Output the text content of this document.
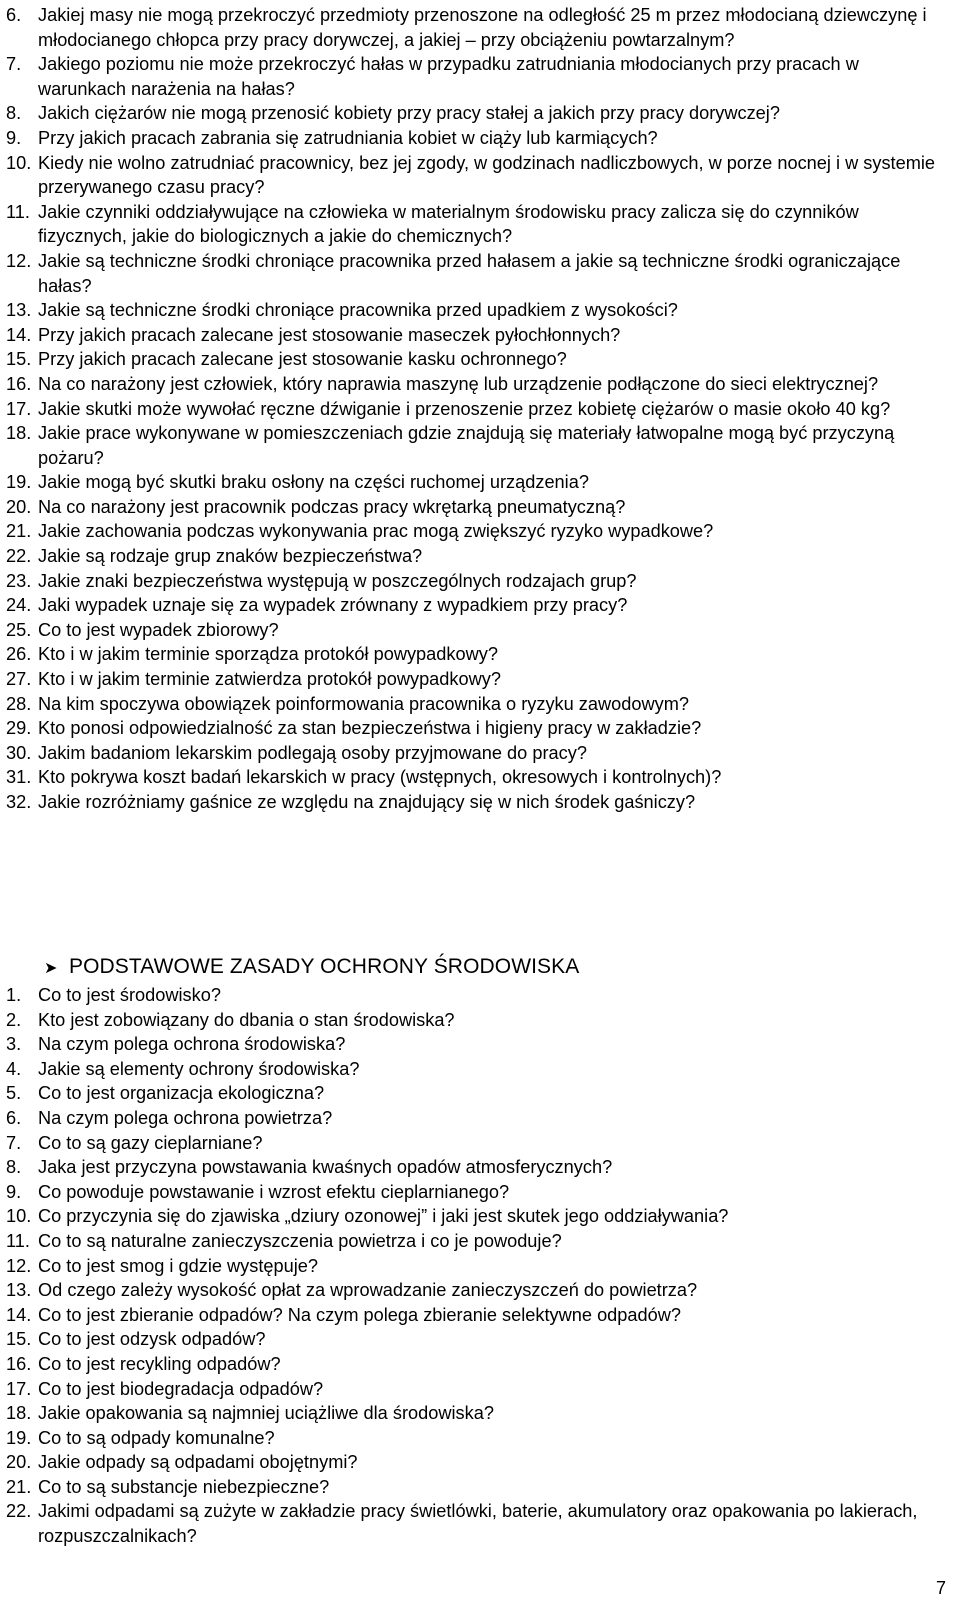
6. Jakiej masy nie mogą przekroczyć przedmioty przenoszone na odległość 25 m przez młodocianą dziewczynę i młodocianego chłopca przy pracy dorywczej, a jakiej – przy obciążeniu powtarzalnym?
7. Jakiego poziomu nie może przekroczyć hałas w przypadku zatrudniania młodocianych przy pracach w warunkach narażenia na hałas?
8. Jakich ciężarów nie mogą przenosić kobiety przy pracy stałej a jakich przy pracy dorywczej?
9. Przy jakich pracach zabrania się zatrudniania kobiet w ciąży lub karmiących?
10. Kiedy nie wolno zatrudniać pracownicy, bez jej zgody, w godzinach nadliczbowych, w porze nocnej i w systemie przerywanego czasu pracy?
11. Jakie czynniki oddziaływujące na człowieka w materialnym środowisku pracy zalicza się do czynników fizycznych, jakie do biologicznych a jakie do chemicznych?
12. Jakie są techniczne środki chroniące pracownika przed hałasem a jakie są techniczne środki ograniczające hałas?
13. Jakie są techniczne środki chroniące pracownika przed upadkiem z wysokości?
14. Przy jakich pracach zalecane jest stosowanie maseczek pyłochłonnych?
15. Przy jakich pracach zalecane jest stosowanie kasku ochronnego?
16. Na co narażony jest człowiek, który naprawia maszynę lub urządzenie podłączone do sieci elektrycznej?
17. Jakie skutki może wywołać ręczne dźwiganie i przenoszenie przez kobietę ciężarów o masie około 40 kg?
18. Jakie prace wykonywane w pomieszczeniach gdzie znajdują się materiały łatwopalne mogą być przyczyną pożaru?
19. Jakie mogą być skutki braku osłony na części ruchomej urządzenia?
20. Na co narażony jest pracownik podczas pracy wkrętarką pneumatyczną?
21. Jakie zachowania podczas wykonywania prac mogą zwiększyć ryzyko wypadkowe?
22. Jakie są rodzaje grup znaków bezpieczeństwa?
23. Jakie znaki bezpieczeństwa występują w poszczególnych rodzajach grup?
24. Jaki wypadek uznaje się za wypadek zrównany z wypadkiem przy pracy?
25. Co to jest wypadek zbiorowy?
26. Kto i w jakim terminie sporządza protokół powypadkowy?
27. Kto i w jakim terminie zatwierdza protokół powypadkowy?
28. Na kim spoczywa obowiązek poinformowania pracownika o ryzyku zawodowym?
29. Kto ponosi odpowiedzialność za stan bezpieczeństwa i higieny pracy w zakładzie?
30. Jakim badaniom lekarskim podlegają osoby przyjmowane do pracy?
31. Kto pokrywa koszt badań lekarskich w pracy (wstępnych, okresowych i kontrolnych)?
32. Jakie rozróżniamy gaśnice ze względu na znajdujący się w nich środek gaśniczy?
➤ PODSTAWOWE ZASADY OCHRONY ŚRODOWISKA
1. Co to jest środowisko?
2. Kto jest zobowiązany do dbania o stan środowiska?
3. Na czym polega ochrona środowiska?
4. Jakie są elementy ochrony środowiska?
5. Co to jest organizacja ekologiczna?
6. Na czym polega ochrona powietrza?
7. Co to są gazy cieplarniane?
8. Jaka jest przyczyna powstawania kwaśnych opadów atmosferycznych?
9. Co powoduje powstawanie i wzrost efektu cieplarnianego?
10. Co przyczynia się do zjawiska „dziury ozonowej” i jaki jest skutek jego oddziaływania?
11. Co to są naturalne zanieczyszczenia powietrza i co je powoduje?
12. Co to jest smog i gdzie występuje?
13. Od czego zależy wysokość opłat za wprowadzanie zanieczyszczeń do powietrza?
14. Co to jest zbieranie odpadów? Na czym polega zbieranie selektywne odpadów?
15. Co to jest odzysk odpadów?
16. Co to jest recykling odpadów?
17. Co to jest biodegradacja odpadów?
18. Jakie opakowania są najmniej uciążliwe dla środowiska?
19. Co to są odpady komunalne?
20. Jakie odpady są odpadami obojętnymi?
21. Co to są substancje niebezpieczne?
22. Jakimi odpadami są zużyte w zakładzie pracy świetlówki, baterie, akumulatory oraz opakowania po lakierach, rozpuszczalnikach?
7
